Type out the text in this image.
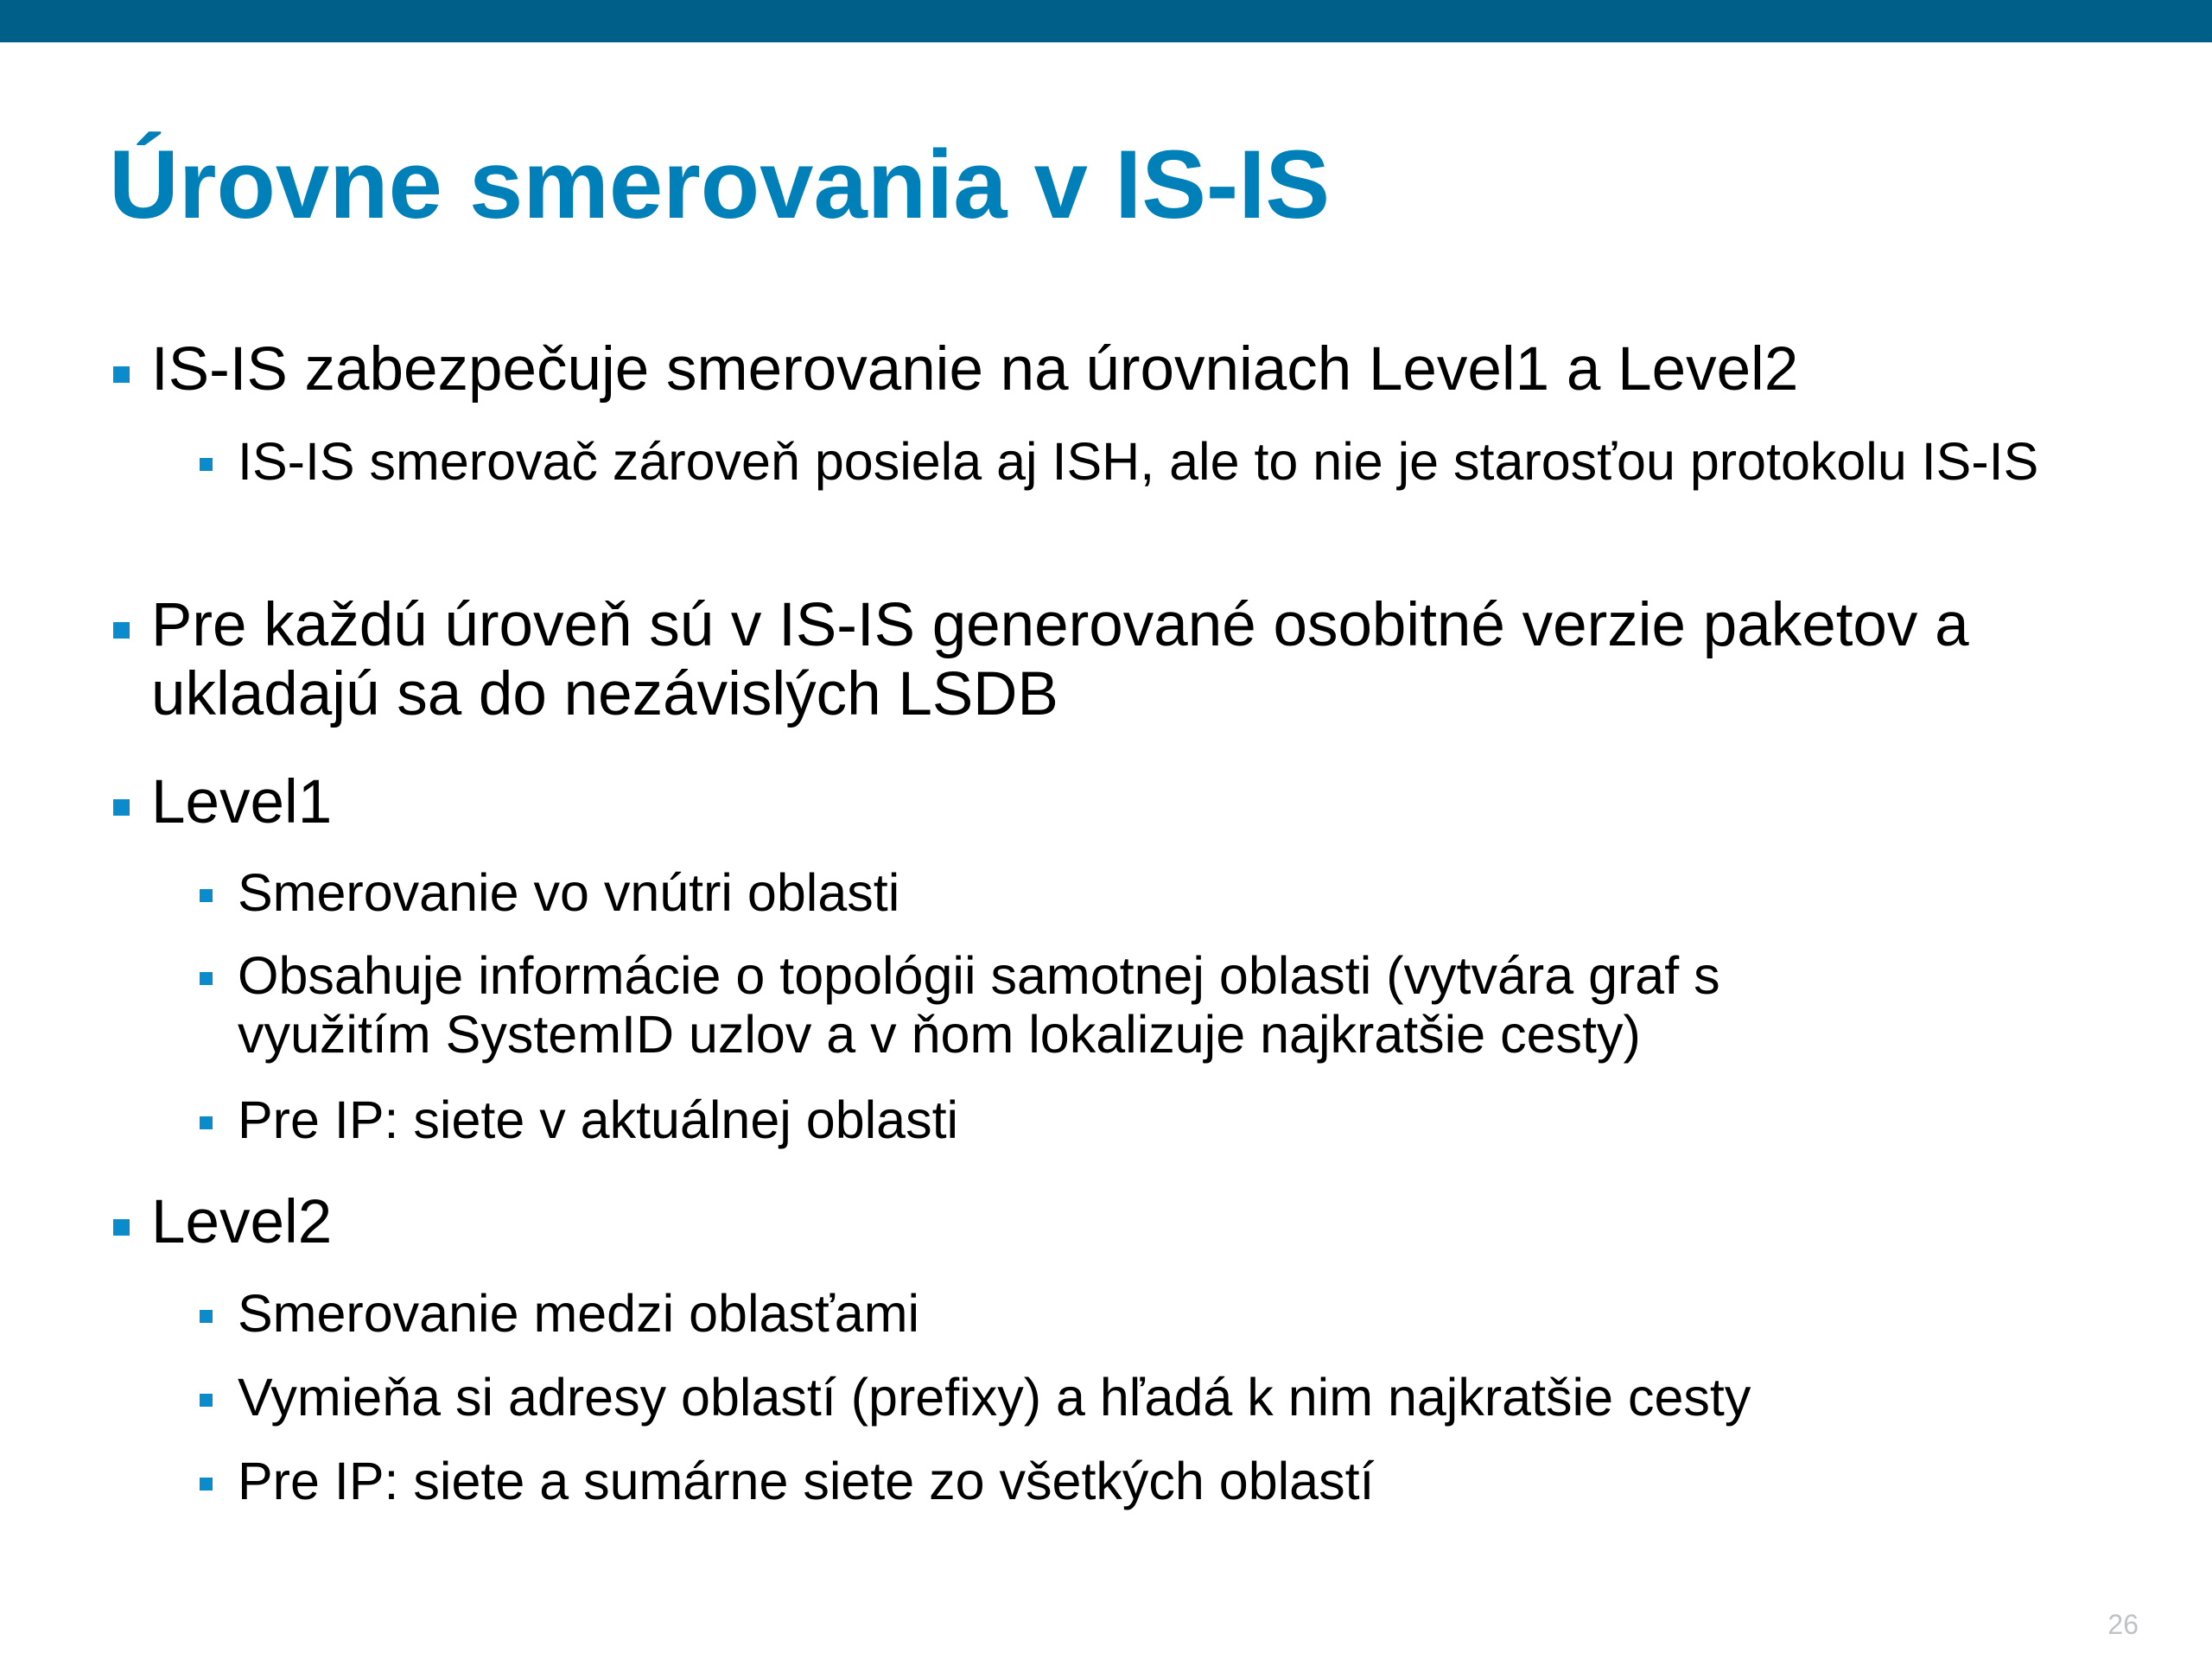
Úrovne smerovania v IS-IS
IS-IS zabezpečuje smerovanie na úrovniach Level1 a Level2
IS-IS smerovač zároveň posiela aj ISH, ale to nie je starosťou protokolu IS-IS
Pre každú úroveň sú v IS-IS generované osobitné verzie paketov a ukladajú sa do nezávislých LSDB
Level1
Smerovanie vo vnútri oblasti
Obsahuje informácie o topológii samotnej oblasti (vytvára graf s využitím SystemID uzlov a v ňom lokalizuje najkratšie cesty)
Pre IP: siete v aktuálnej oblasti
Level2
Smerovanie medzi oblasťami
Vymieňa si adresy oblastí (prefixy) a hľadá k nim najkratšie cesty
Pre IP: siete a sumárne siete zo všetkých oblastí
26
